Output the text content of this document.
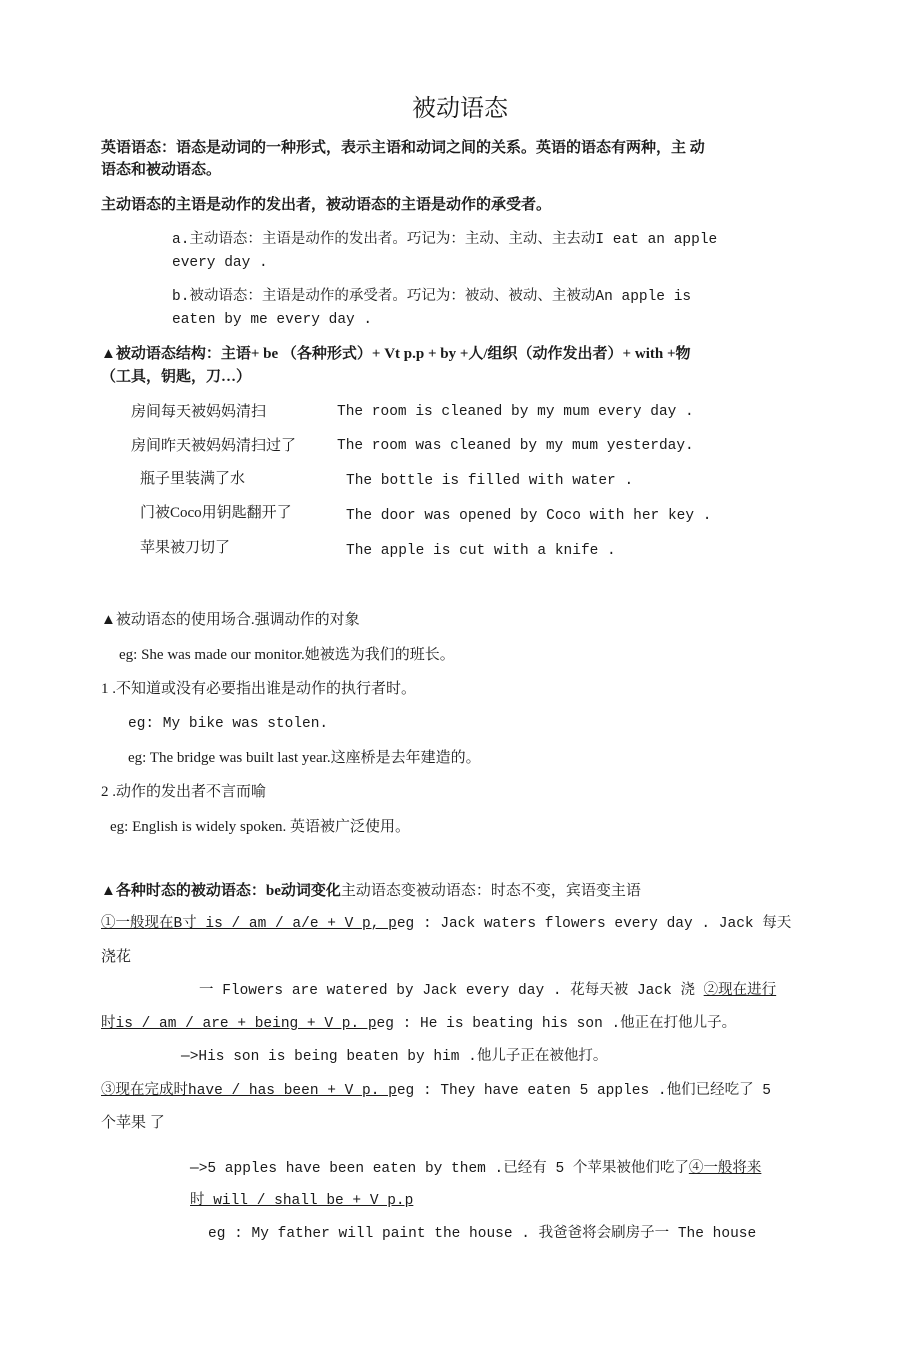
被动语态
英语语态：语态是动词的一种形式，表示主语和动词之间的关系。英语的语态有两种，主 动
语态和被动语态。
主动语态的主语是动作的发出者，被动语态的主语是动作的承受者。
a.主动语态：主语是动作的发出者。巧记为：主动、主动、主去动I eat an apple
every day .
b.被动语态：主语是动作的承受者。巧记为：被动、被动、主被动An apple is
eaten by me every day .
▲被动语态结构：主语+ be （各种形式）+ Vt p.p + by +人/组织（动作发出者）+ with +物
（工具，钥匙，刀…）
房间每天被妈妈清扫	The room is cleaned by my mum every day .
房间昨天被妈妈清扫过了	The room was cleaned by my mum yesterday.
瓶子里装满了水	The bottle is filled with water .
门被Coco用钥匙翻开了	The door was opened by Coco with her key .
苹果被刀切了	The apple is cut with a knife .
▲被动语态的使用场合.强调动作的对象
eg: She was made our monitor.她被选为我们的班长。
1 .不知道或没有必要指出谁是动作的执行者时。
eg: My bike was stolen.
eg: The bridge was built last year.这座桥是去年建造的。
2 .动作的发出者不言而喻
eg: English is widely spoken. 英语被广泛使用。
▲各种时态的被动语态：be动词变化主动语态变被动语态：时态不变，宾语变主语
①一般现在B寸 is / am / a/e + V p, peg : Jack waters flowers every day . Jack 每天
浇花
一 Flowers are watered by Jack every day . 花每天被 Jack 浇 ②现在进行
时is / am / are + being + V p. peg : He is beating his son .他正在打他儿子。
—>His son is being beaten by him .他儿子正在被他打。
③现在完成时have / has been + V p. peg : They have eaten 5 apples .他们已经吃了 5
个苹果 了
—>5 apples have been eaten by them .已经有 5 个苹果被他们吃了④一般将来
时 will / shall be + V p.p
eg : My father will paint the house . 我爸爸将会刷房子一 The house
